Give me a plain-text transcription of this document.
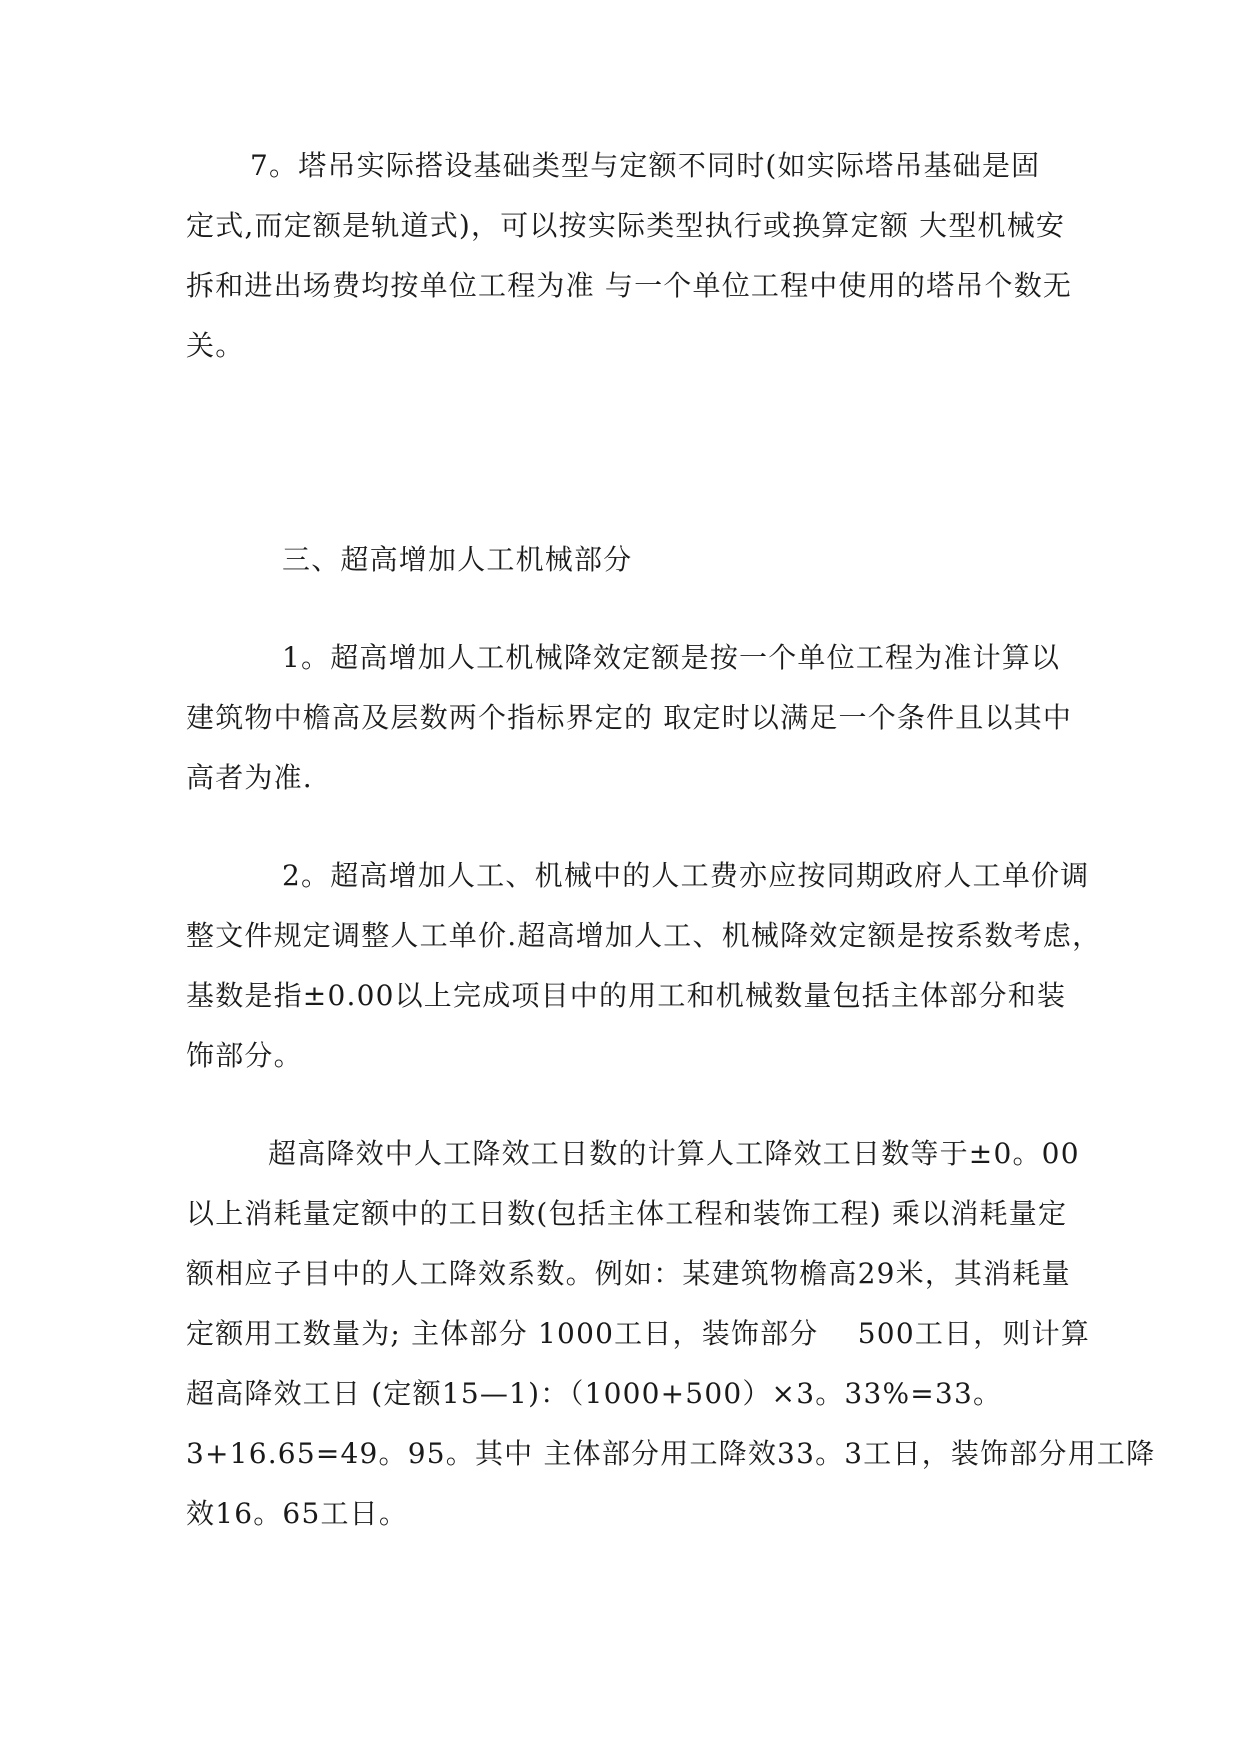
7。塔吊实际搭设基础类型与定额不同时(如实际塔吊基础是固
定式,而定额是轨道式)，可以按实际类型执行或换算定额 大型机械安
拆和进出场费均按单位工程为准 与一个单位工程中使用的塔吊个数无
关。
三、超高增加人工机械部分
1。超高增加人工机械降效定额是按一个单位工程为准计算以
建筑物中檐高及层数两个指标界定的 取定时以满足一个条件且以其中
高者为准.
2。超高增加人工、机械中的人工费亦应按同期政府人工单价调
整文件规定调整人工单价.超高增加人工、机械降效定额是按系数考虑，
基数是指±0.00以上完成项目中的用工和机械数量包括主体部分和装
饰部分。
超高降效中人工降效工日数的计算人工降效工日数等于±0。00
以上消耗量定额中的工日数(包括主体工程和装饰工程) 乘以消耗量定
额相应子目中的人工降效系数。例如：某建筑物檐高29米，其消耗量
定额用工数量为; 主体部分 1000工日，装饰部分　 500工日，则计算
超高降效工日 (定额15—1)：（1000+500）×3。33%=33。
3+16.65=49。95。其中 主体部分用工降效33。3工日，装饰部分用工降
效16。65工日。
